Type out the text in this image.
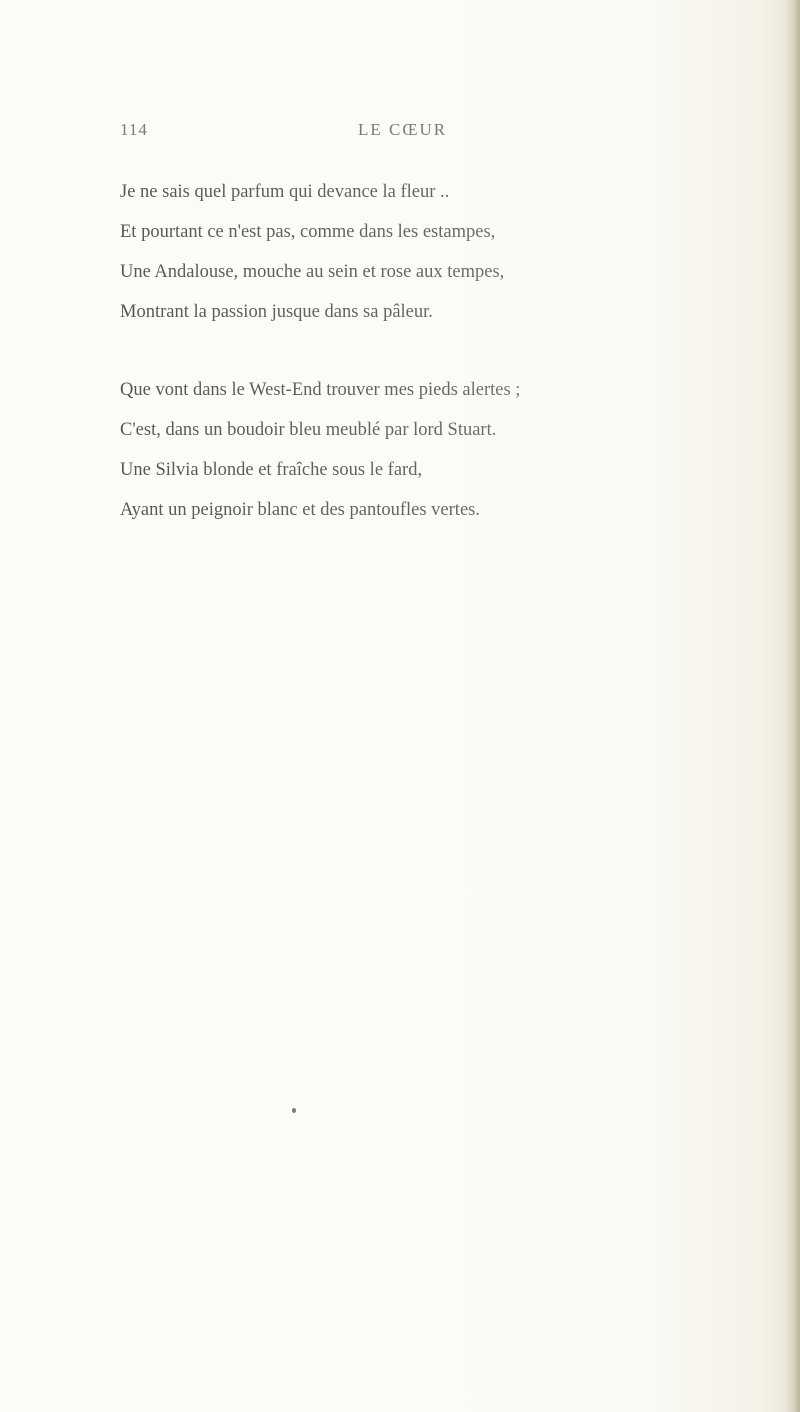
114	LE CŒUR
Je ne sais quel parfum qui devance la fleur ..
Et pourtant ce n'est pas, comme dans les estampes,
Une Andalouse, mouche au sein et rose aux tempes,
Montrant la passion jusque dans sa pâleur.
Que vont dans le West-End trouver mes pieds alertes ;
C'est, dans un boudoir bleu meublé par lord Stuart.
Une Silvia blonde et fraîche sous le fard,
Ayant un peignoir blanc et des pantoufles vertes.
